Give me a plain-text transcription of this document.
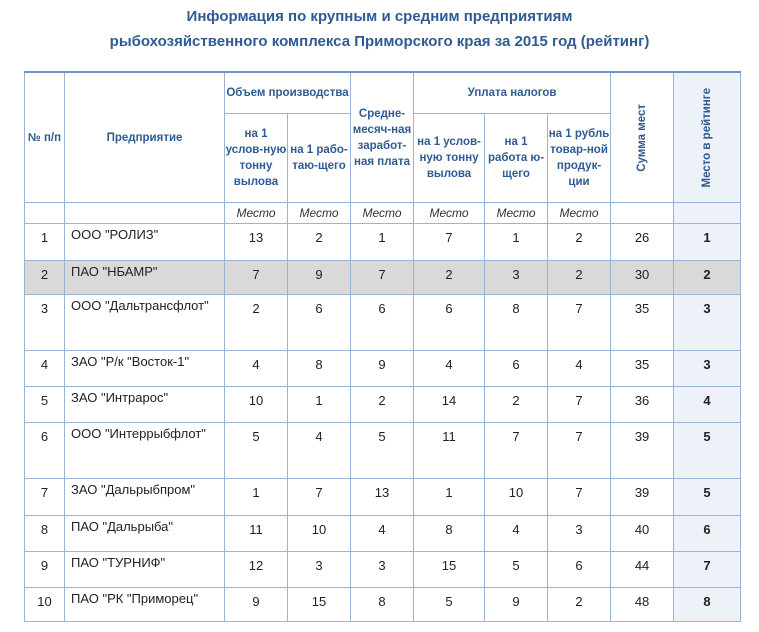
Информация по крупным и средним предприятиям
рыбохозяйственного комплекса Приморского края за 2015 год (рейтинг)
№ п/п	Предприятие	Объем производства		Средне-месяч-ная заработ-ная плата	Уплата налогов			Сумма мест	Место в рейтинге

		на 1 услов-ную тонну вылова	на 1 рабо-таю-щего		на 1 услов-ную тонну вылова	на 1 работа ю-щего	на 1 рубль товар-ной продук-ции		
		Место	Место	Место	Место	Место	Место		
1	ООО "РОЛИЗ"	13	2	1	7	1	2	26	1
2	ПАО "НБАМР"	7	9	7	2	3	2	30	2
3	ООО "Дальтрансфлот"	2	6	6	6	8	7	35	3
4	ЗАО "Р/к "Восток-1"	4	8	9	4	6	4	35	3
5	ЗАО "Интрарос"	10	1	2	14	2	7	36	4
6	ООО "Интеррыбфлот"	5	4	5	11	7	7	39	5
7	ЗАО "Дальрыбпром"	1	7	13	1	10	7	39	5
8	ПАО "Дальрыба"	11	10	4	8	4	3	40	6
9	ПАО "ТУРНИФ"	12	3	3	15	5	6	44	7
10	ПАО "РК "Приморец"	9	15	8	5	9	2	48	8
